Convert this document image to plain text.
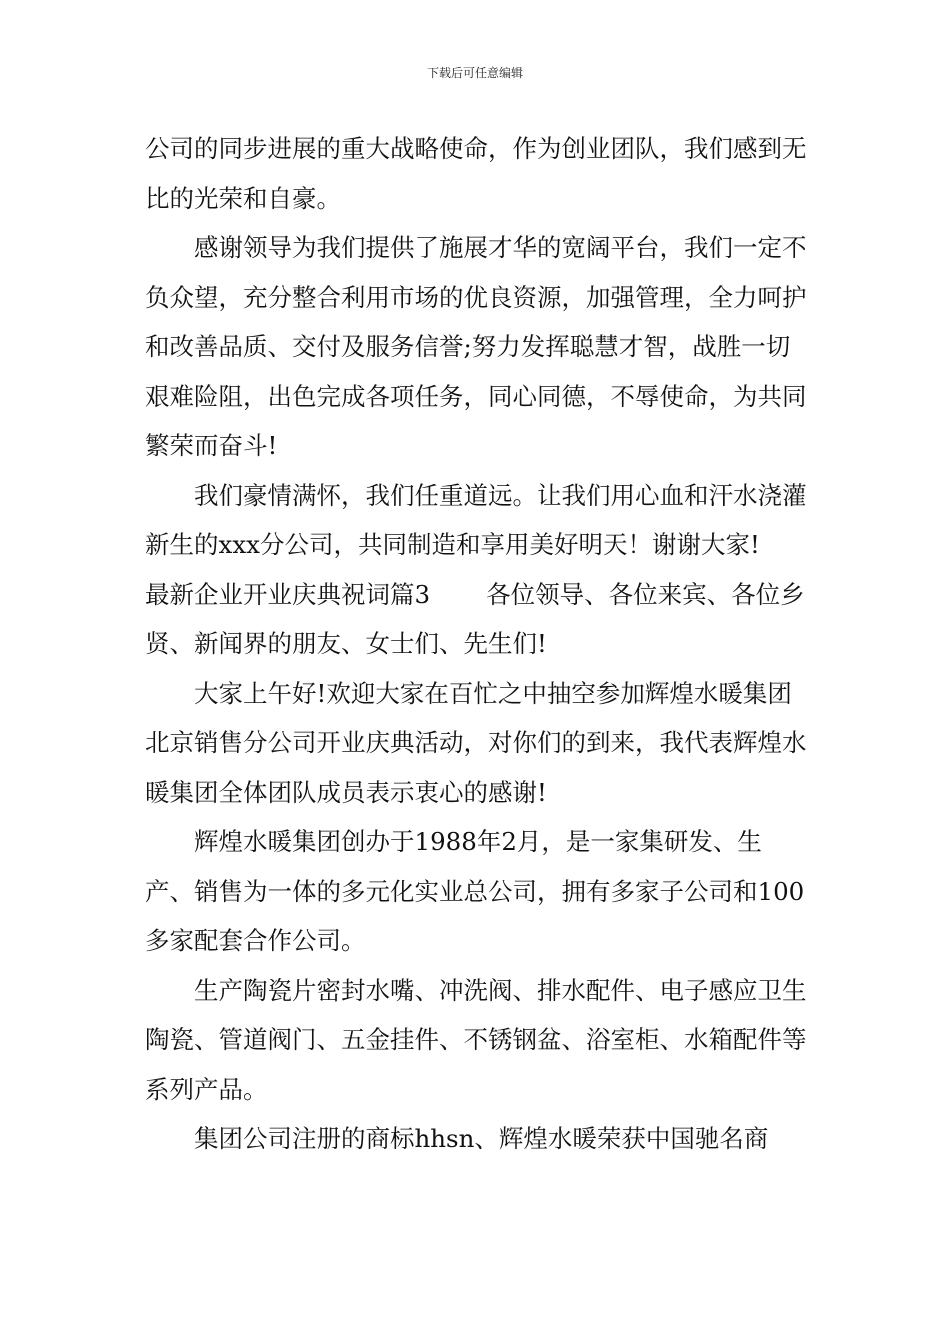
下载后可任意编辑

公司的同步进展的重大战略使命，作为创业团队，我们感到无比的光荣和自豪。

感谢领导为我们提供了施展才华的宽阔平台，我们一定不负众望，充分整合利用市场的优良资源，加强管理，全力呵护和改善品质、交付及服务信誉;努力发挥聪慧才智，战胜一切艰难险阻，出色完成各项任务，同心同德，不辱使命，为共同繁荣而奋斗!

我们豪情满怀，我们任重道远。让我们用心血和汗水浇灌新生的xxx分公司，共同制造和享用美好明天！谢谢大家!

最新企业开业庆典祝词篇3 各位领导、各位来宾、各位乡贤、新闻界的朋友、女士们、先生们!

大家上午好!欢迎大家在百忙之中抽空参加辉煌水暖集团北京销售分公司开业庆典活动，对你们的到来，我代表辉煌水暖集团全体团队成员表示衷心的感谢!

辉煌水暖集团创办于1988年2月，是一家集研发、生产、销售为一体的多元化实业总公司，拥有多家子公司和100多家配套合作公司。

生产陶瓷片密封水嘴、冲洗阀、排水配件、电子感应卫生陶瓷、管道阀门、五金挂件、不锈钢盆、浴室柜、水箱配件等系列产品。

集团公司注册的商标hhsn、辉煌水暖荣获中国驰名商
